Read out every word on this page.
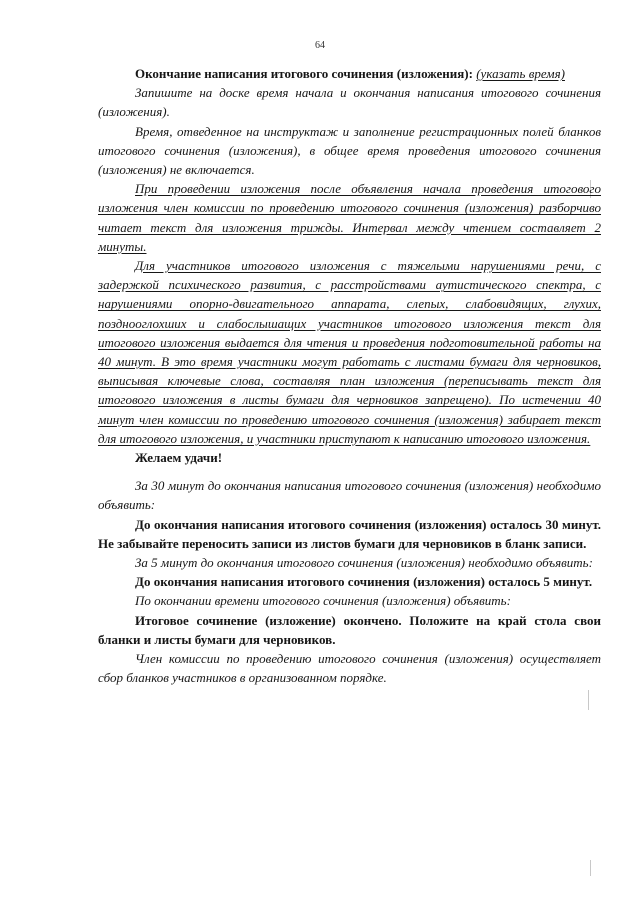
64

Окончание написания итогового сочинения (изложения): (указать время)

Запишите на доске время начала и окончания написания итогового сочинения (изложения).

Время, отведенное на инструктаж и заполнение регистрационных полей бланков итогового сочинения (изложения), в общее время проведения итогового сочинения (изложения) не включается.

При проведении изложения после объявления начала проведения итогового изложения член комиссии по проведению итогового сочинения (изложения) разборчиво читает текст для изложения трижды. Интервал между чтением составляет 2 минуты.

Для участников итогового изложения с тяжелыми нарушениями речи, с задержкой психического развития, с расстройствами аутистического спектра, с нарушениями опорно-двигательного аппарата, слепых, слабовидящих, глухих, позднооглохших и слабослышащих участников итогового изложения текст для итогового изложения выдается для чтения и проведения подготовительной работы на 40 минут. В это время участники могут работать с листами бумаги для черновиков, выписывая ключевые слова, составляя план изложения (переписывать текст для итогового изложения в листы бумаги для черновиков запрещено). По истечении 40 минут член комиссии по проведению итогового сочинения (изложения) забирает текст для итогового изложения, и участники приступают к написанию итогового изложения.

Желаем удачи!

За 30 минут до окончания написания итогового сочинения (изложения) необходимо объявить:

До окончания написания итогового сочинения (изложения) осталось 30 минут. Не забывайте переносить записи из листов бумаги для черновиков в бланк записи.

За 5 минут до окончания итогового сочинения (изложения) необходимо объявить:

До окончания написания итогового сочинения (изложения) осталось 5 минут.

По окончании времени итогового сочинения (изложения) объявить:

Итоговое сочинение (изложение) окончено. Положите на край стола свои бланки и листы бумаги для черновиков.

Член комиссии по проведению итогового сочинения (изложения) осуществляет сбор бланков участников в организованном порядке.
